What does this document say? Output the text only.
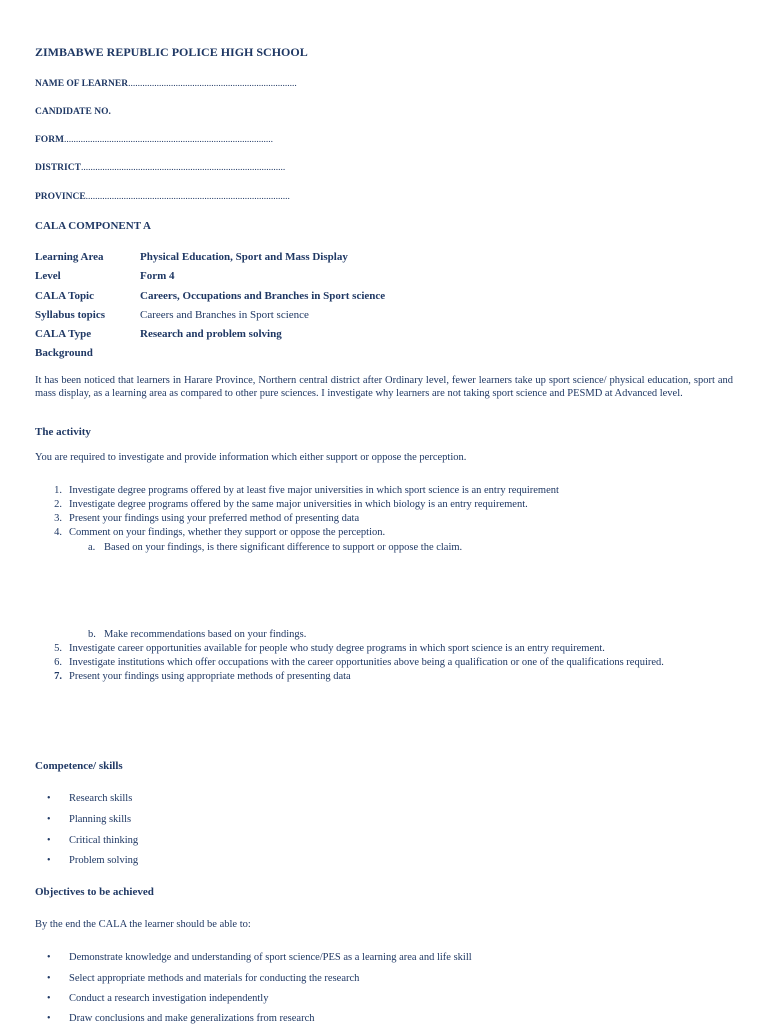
ZIMBABWE REPUBLIC POLICE HIGH SCHOOL
NAME OF LEARNER.......................................................................
CANDIDATE NO.
FORM........................................................................................
DISTRICT......................................................................................
PROVINCE......................................................................................
CALA COMPONENT A
Learning Area	Physical Education, Sport and Mass Display
Level	Form 4
CALA Topic	Careers, Occupations and Branches in Sport science
Syllabus topics	Careers and Branches in Sport science
CALA Type	Research and problem solving
Background
It has been noticed that learners in Harare Province, Northern central district after Ordinary level, fewer learners take up sport science/ physical education, sport and mass display, as a learning area as compared to other pure sciences. I investigate why learners are not taking sport science and PESMD at Advanced level.
The activity
You are required to investigate and provide information which either support or oppose the perception.
1. Investigate degree programs offered by at least five major universities in which sport science is an entry requirement
2. Investigate degree programs offered by the same major universities in which biology is an entry requirement.
3. Present your findings using your preferred method of presenting data
4. Comment on your findings, whether they support or oppose the perception.
a. Based on your findings, is there significant difference to support or oppose the claim.
b. Make recommendations based on your findings.
5. Investigate career opportunities available for people who study degree programs in which sport science is an entry requirement.
6. Investigate institutions which offer occupations with the career opportunities above being a qualification or one of the qualifications required.
7. Present your findings using appropriate methods of presenting data
Competence/ skills
• Research skills
• Planning skills
• Critical thinking
• Problem solving
Objectives to be achieved
By the end the CALA the learner should be able to:
• Demonstrate knowledge and understanding of sport science/PES as a learning area and life skill
• Select appropriate methods and materials for conducting the research
• Conduct a research investigation independently
• Draw conclusions and make generalizations from research
